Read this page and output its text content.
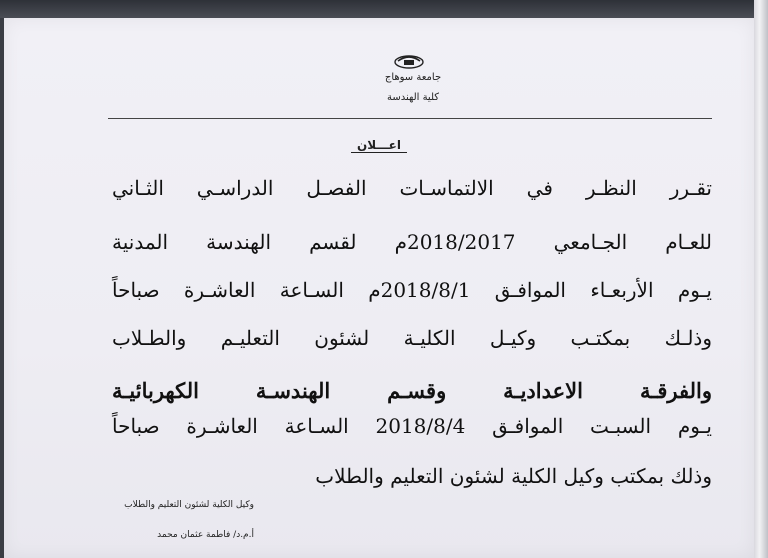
جامعة سوهاج
كلية الهندسة
اعـــلان
تقـرر النظـر في الالتماسـات الفصـل الدراسـي الثـاني
للعـام الجـامعي 2018/2017م لقسم الهندسة المدنية
يـوم الأربعـاء الموافـق 2018/8/1م السـاعة العاشـرة صباحاً
وذلـك بمكتـب وكيـل الكليـة لشئون التعليـم والطـلاب
والفرقـة الاعداديـة وقسـم الهندسـة الكهربائيـة
يـوم السبـت الموافـق 2018/8/4 السـاعة العاشـرة صباحاً
وذلك بمكتب وكيل الكلية لشئون التعليم والطلاب
وكيل الكلية لشئون التعليم والطلاب
أ.م.د/ فاطمة عثمان محمد
